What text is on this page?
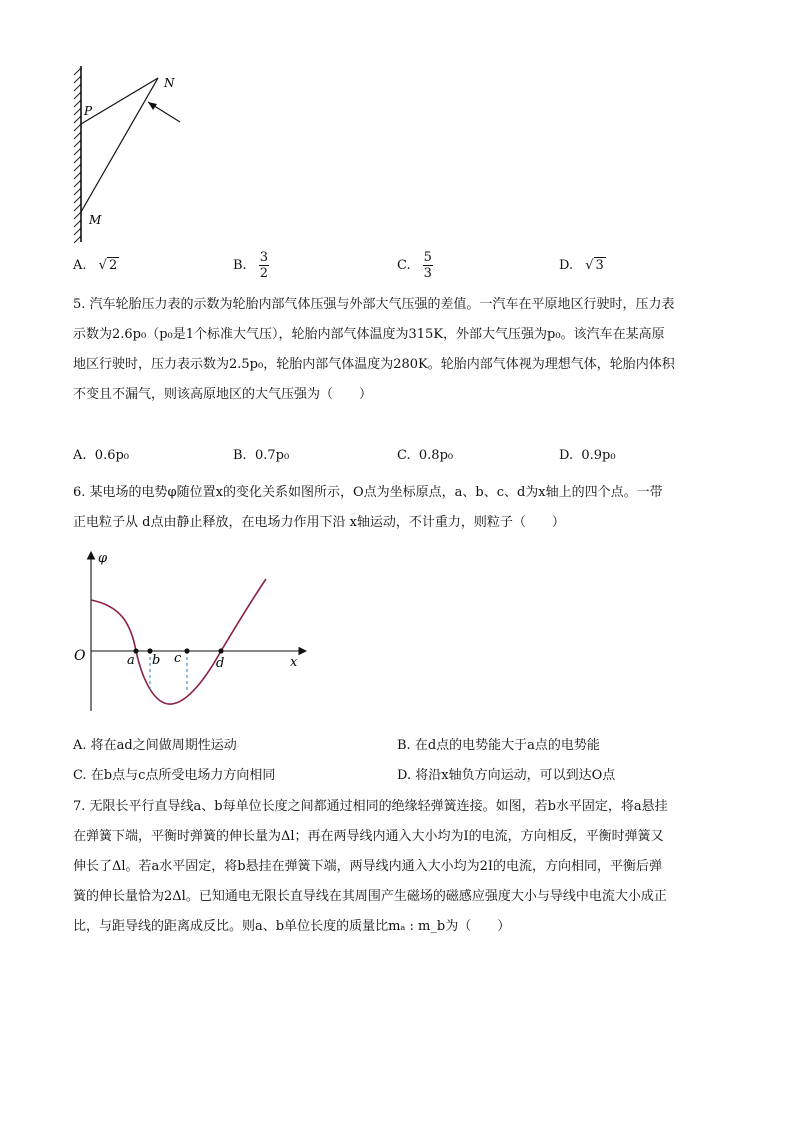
P
N
M
A. √ 2	B. $\frac{3}{2}$	C. $\frac{5}{3}$	D. √ 3
5. 汽车轮胎压力表的示数为轮胎内部气体压强与外部大气压强的差值。一汽车在平原地区行驶时，压力表
示数为2.6p₀（p₀是1个标准大气压），轮胎内部气体温度为315K，外部大气压强为p₀。该汽车在某高原
地区行驶时，压力表示数为2.5p₀，轮胎内部气体温度为280K。轮胎内部气体视为理想气体，轮胎内体积
不变且不漏气，则该高原地区的大气压强为（　　）
A. 0.6p₀	B. 0.7p₀	C. 0.8p₀	D. 0.9p₀
6. 某电场的电势φ随位置x的变化关系如图所示，O点为坐标原点，a、b、c、d为x轴上的四个点。一带
正电粒子从 d点由静止释放，在电场力作用下沿 x轴运动，不计重力，则粒子（　　）
φ
x
O	a b c	d
A. 将在ad之间做周期性运动	B. 在d点的电势能大于a点的电势能
C. 在b点与c点所受电场力方向相同	D. 将沿x轴负方向运动，可以到达O点
7. 无限长平行直导线a、b每单位长度之间都通过相同的绝缘轻弹簧连接。如图，若b水平固定，将a悬挂
在弹簧下端，平衡时弹簧的伸长量为Δl；再在两导线内通入大小均为I的电流，方向相反，平衡时弹簧又
伸长了Δl。若a水平固定，将b悬挂在弹簧下端，两导线内通入大小均为2I的电流，方向相同，平衡后弹
簧的伸长量恰为2Δl。已知通电无限长直导线在其周围产生磁场的磁感应强度大小与导线中电流大小成正
比，与距导线的距离成反比。则a、b单位长度的质量比mₐ : m_b为（　　）
